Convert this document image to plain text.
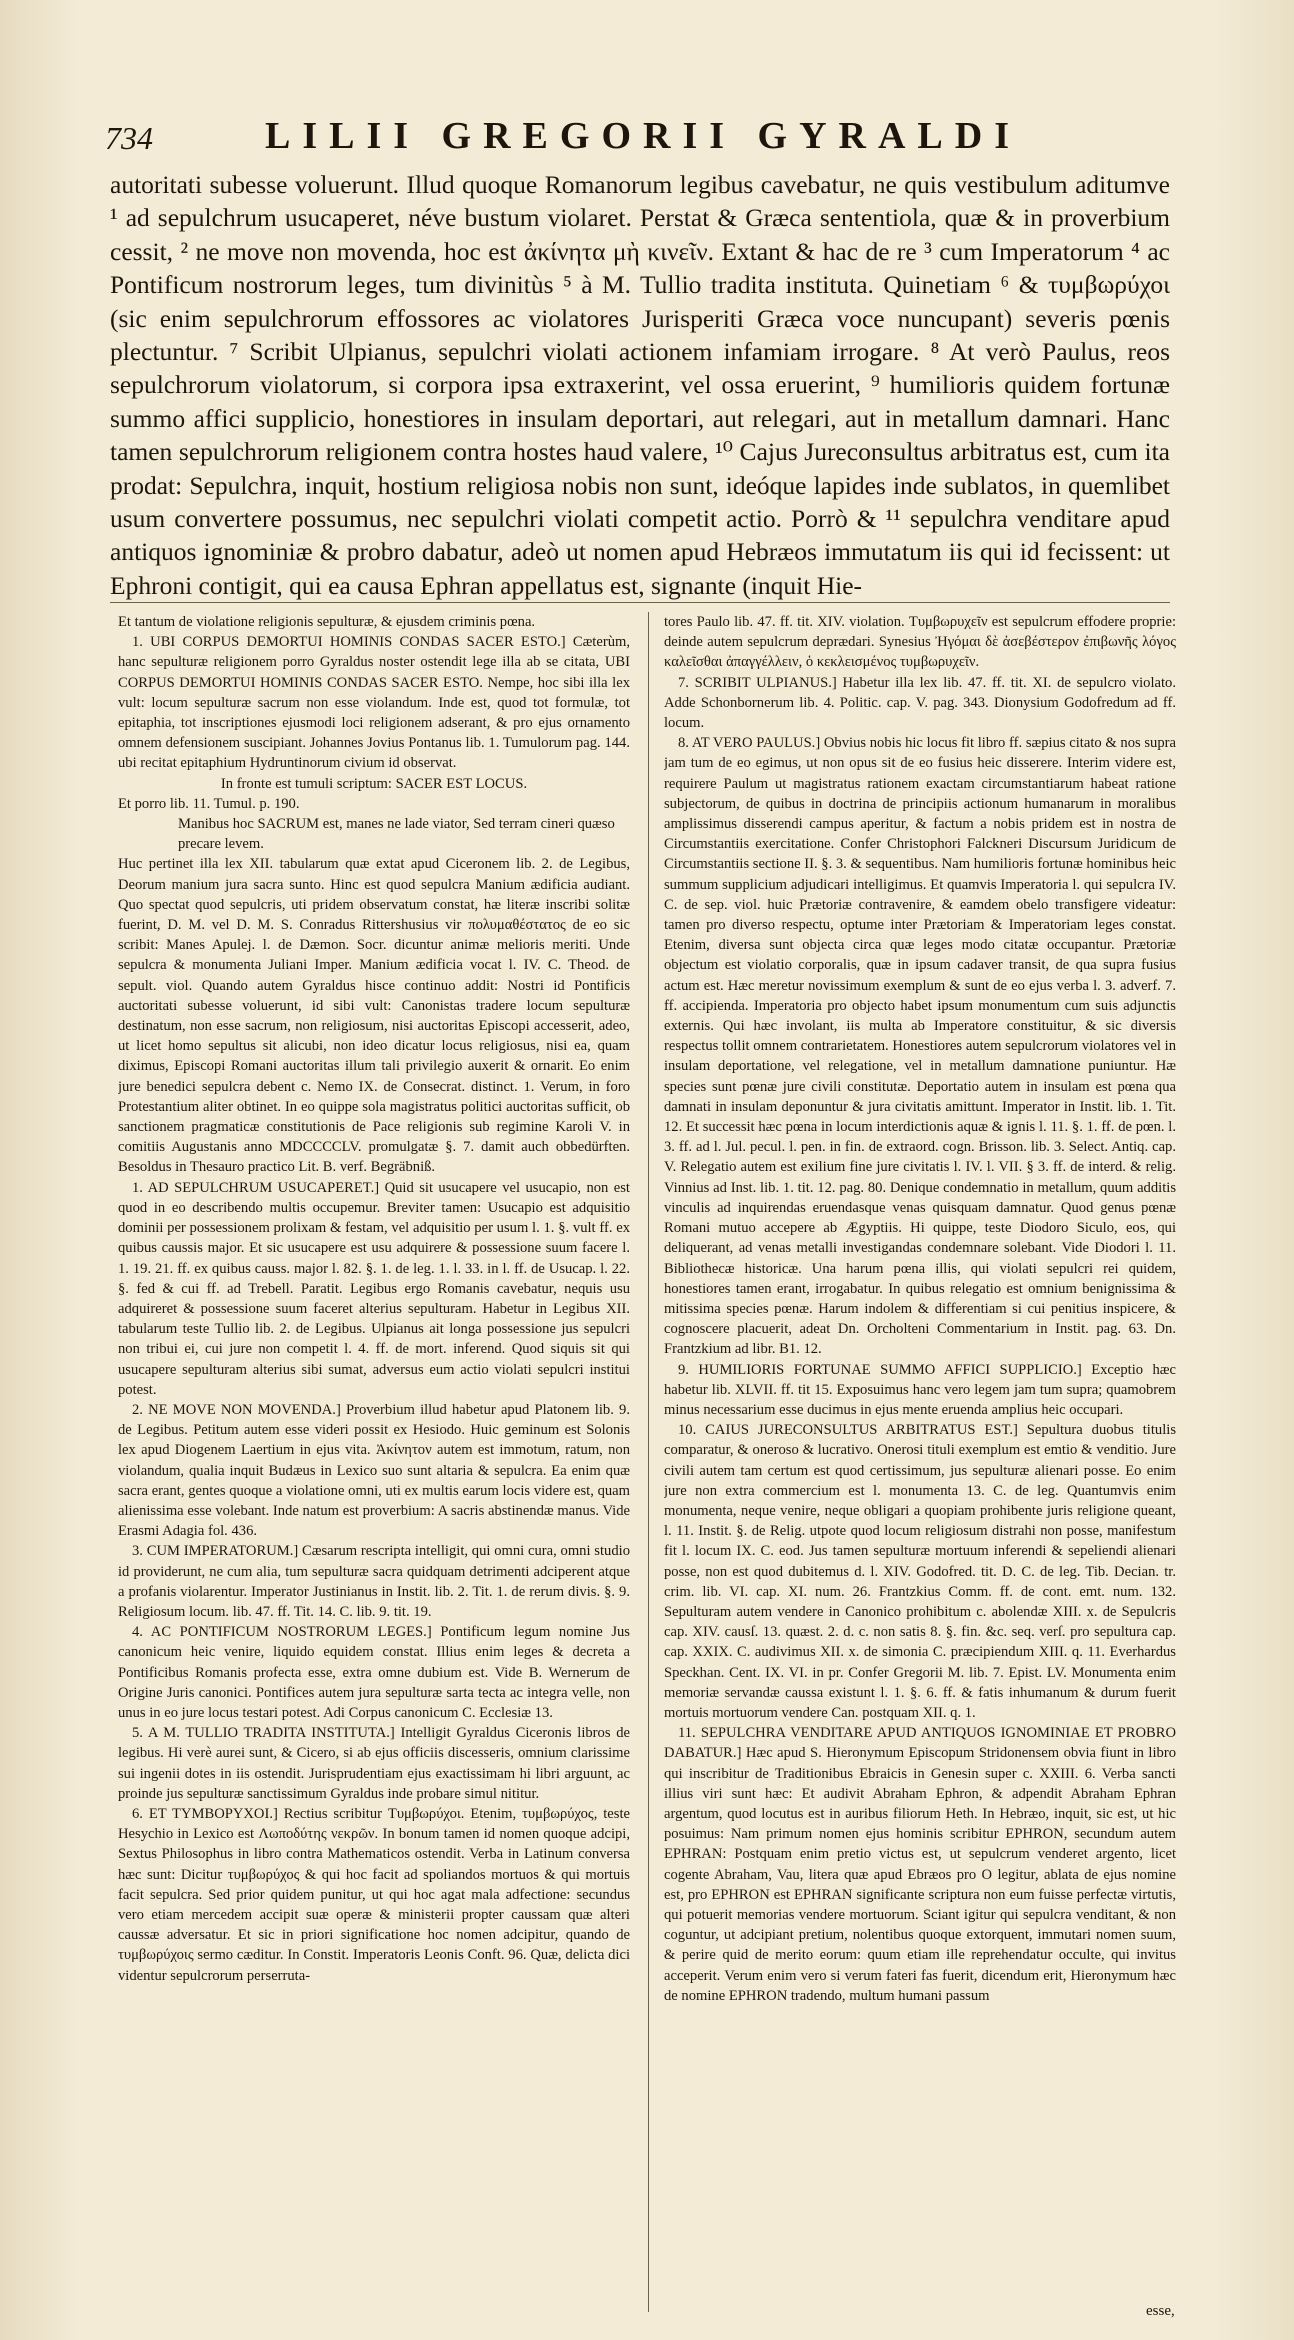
734	LILII GREGORII GYRALDI

autoritati subesse voluerunt. Illud quoque Romanorum legibus cavebatur, ne quis vestibulum aditumve ¹ ad sepulchrum usucaperet, néve bustum violaret. Perstat & Græca sententiola, quæ & in proverbium cessit, ² ne move non movenda, hoc est ἀκίνητα μὴ κινεῖν. Extant & hac de re ³ cum Imperatorum ⁴ ac Pontificum nostrorum leges, tum divinitùs ⁵ à M. Tullio tradita instituta. Quinetiam ⁶ & τυμβωρύχοι (sic enim sepulchrorum effossores ac violatores Jurisperiti Græca voce nuncupant) severis pœnis plectuntur. ⁷ Scribit Ulpianus, sepulchri violati actionem infamiam irrogare. ⁸ At verò Paulus, reos sepulchrorum violatorum, si corpora ipsa extraxerint, vel ossa eruerint, ⁹ humilioris quidem fortunæ summo affici supplicio, honestiores in insulam deportari, aut relegari, aut in metallum damnari. Hanc tamen sepulchrorum religionem contra hostes haud valere, ¹⁰ Cajus Jureconsultus arbitratus est, cum ita prodat: Sepulchra, inquit, hostium religiosa nobis non sunt, ideóque lapides inde sublatos, in quemlibet usum convertere possumus, nec sepulchri violati competit actio. Porrò & ¹¹ sepulchra venditare apud antiquos ignominiæ & probro dabatur, adeò ut nomen apud Hebræos immutatum iis qui id fecissent: ut Ephroni contigit, qui ea causa Ephran appellatus est, signante (inquit Hie-

Et tantum de violatione religionis sepulturæ, & ejusdem criminis pœna.

1. UBI CORPUS DEMORTUI HOMINIS CONDAS SACER ESTO.] Cæterùm, hanc sepulturæ religionem porro Gyraldus noster ostendit lege illa ab se citata, UBI CORPUS DEMORTUI HOMINIS CONDAS SACER ESTO. Nempe, hoc sibi illa lex vult: locum sepulturæ sacrum non esse violandum. Inde est, quod tot formulæ, tot epitaphia, tot inscriptiones ejusmodi loci religionem adserant, & pro ejus ornamento omnem defensionem suscipiant. Johannes Jovius Pontanus lib. 1. Tumulorum pag. 144. ubi recitat epitaphium Hydruntinorum civium id observat.

In fronte est tumuli scriptum: SACER EST LOCUS.

Et porro lib. 11. Tumul. p. 190.

Manibus hoc SACRUM est, manes ne lade viator, Sed terram cineri quæso precare levem.

Huc pertinet illa lex XII. tabularum quæ extat apud Ciceronem lib. 2. de Legibus, Deorum manium jura sacra sunto. Hinc est quod sepulcra Manium ædificia audiant. Quo spectat quod sepulcris, uti pridem observatum constat, hæ literæ inscribi solitæ fuerint, D. M. vel D. M. S. Conradus Rittershusius vir πολυμαθέστατος de eo sic scribit: Manes Apulej. l. de Dæmon. Socr. dicuntur animæ melioris meriti. Unde sepulcra & monumenta Juliani Imper. Manium ædificia vocat l. IV. C. Theod. de sepult. viol. Quando autem Gyraldus hisce continuo addit: Nostri id Pontificis auctoritati subesse voluerunt, id sibi vult: Canonistas tradere locum sepulturæ destinatum, non esse sacrum, non religiosum, nisi auctoritas Episcopi accesserit, adeo, ut licet homo sepultus sit alicubi, non ideo dicatur locus religiosus, nisi ea, quam diximus, Episcopi Romani auctoritas illum tali privilegio auxerit & ornarit. Eo enim jure benedici sepulcra debent c. Nemo IX. de Consecrat. distinct. 1. Verum, in foro Protestantium aliter obtinet. In eo quippe sola magistratus politici auctoritas sufficit, ob sanctionem pragmaticæ constitutionis de Pace religionis sub regimine Karoli V. in comitiis Augustanis anno MDCCCCLV. promulgatæ §. 7. damit auch obbedürften. Besoldus in Thesauro practico Lit. B. verf. Begräbniß.

1. AD SEPULCHRUM USUCAPERET.] Quid sit usucapere vel usucapio, non est quod in eo describendo multis occupemur. Breviter tamen: Usucapio est adquisitio dominii per possessionem prolixam & festam, vel adquisitio per usum l. 1. §. vult ff. ex quibus caussis major. Et sic usucapere est usu adquirere & possessione suum facere l. 1. 19. 21. ff. ex quibus causs. major l. 82. §. 1. de leg. 1. l. 33. in l. ff. de Usucap. l. 22. §. fed & cui ff. ad Trebell. Paratit. Legibus ergo Romanis cavebatur, nequis usu adquireret & possessione suum faceret alterius sepulturam. Habetur in Legibus XII. tabularum teste Tullio lib. 2. de Legibus. Ulpianus ait longa possessione jus sepulcri non tribui ei, cui jure non competit l. 4. ff. de mort. inferend. Quod siquis sit qui usucapere sepulturam alterius sibi sumat, adversus eum actio violati sepulcri institui potest.

2. NE MOVE NON MOVENDA.] Proverbium illud habetur apud Platonem lib. 9. de Legibus. Petitum autem esse videri possit ex Hesiodo. Huic geminum est Solonis lex apud Diogenem Laertium in ejus vita. Ἀκίνητον autem est immotum, ratum, non violandum, qualia inquit Budæus in Lexico suo sunt altaria & sepulcra. Ea enim quæ sacra erant, gentes quoque a violatione omni, uti ex multis earum locis videre est, quam alienissima esse volebant. Inde natum est proverbium: A sacris abstinendæ manus. Vide Erasmi Adagia fol. 436.

3. CUM IMPERATORUM.] Cæsarum rescripta intelligit, qui omni cura, omni studio id providerunt, ne cum alia, tum sepulturæ sacra quidquam detrimenti adciperent atque a profanis violarentur. Imperator Justinianus in Instit. lib. 2. Tit. 1. de rerum divis. §. 9. Religiosum locum. lib. 47. ff. Tit. 14. C. lib. 9. tit. 19.

4. AC PONTIFICUM NOSTRORUM LEGES.] Pontificum legum nomine Jus canonicum heic venire, liquido equidem constat. Illius enim leges & decreta a Pontificibus Romanis profecta esse, extra omne dubium est. Vide B. Wernerum de Origine Juris canonici. Pontifices autem jura sepulturæ sarta tecta ac integra velle, non unus in eo jure locus testari potest. Adi Corpus canonicum C. Ecclesiæ 13.

5. A M. TULLIO TRADITA INSTITUTA.] Intelligit Gyraldus Ciceronis libros de legibus. Hi verè aurei sunt, & Cicero, si ab ejus officiis discesseris, omnium clarissime sui ingenii dotes in iis ostendit. Jurisprudentiam ejus exactissimam hi libri arguunt, ac proinde jus sepulturæ sanctissimum Gyraldus inde probare simul nititur.

6. ET TYMBOPYXOI.] Rectius scribitur Τυμβωρύχοι. Etenim, τυμβωρύχος, teste Hesychio in Lexico est Λωποδύτης νεκρῶν. In bonum tamen id nomen quoque adcipi, Sextus Philosophus in libro contra Mathematicos ostendit. Verba in Latinum conversa hæc sunt: Dicitur τυμβωρύχος & qui hoc facit ad spoliandos mortuos & qui mortuis facit sepulcra. Sed prior quidem punitur, ut qui hoc agat mala adfectione: secundus vero etiam mercedem accipit suæ operæ & ministerii propter caussam quæ alteri caussæ adversatur. Et sic in priori significatione hoc nomen adcipitur, quando de τυμβωρύχοις sermo cæditur. In Constit. Imperatoris Leonis Conft. 96. Quæ, delicta dici videntur sepulcrorum perserruta-

tores Paulo lib. 47. ff. tit. XIV. violation. Τυμβωρυχεῖν est sepulcrum effodere proprie: deinde autem sepulcrum deprædari. Synesius Ἠγόμαι δὲ ἀσεβέστερον ἐπιβωνῆς λόγος καλεῖσθαι ἀπαγγέλλειν, ὁ κεκλεισμένος τυμβωρυχεῖν.

7. SCRIBIT ULPIANUS.] Habetur illa lex lib. 47. ff. tit. XI. de sepulcro violato. Adde Schonbornerum lib. 4. Politic. cap. V. pag. 343. Dionysium Godofredum ad ff. locum.

8. AT VERO PAULUS.] Obvius nobis hic locus fit libro ff. sæpius citato & nos supra jam tum de eo egimus, ut non opus sit de eo fusius heic disserere. Interim videre est, requirere Paulum ut magistratus rationem exactam circumstantiarum habeat ratione subjectorum, de quibus in doctrina de principiis actionum humanarum in moralibus amplissimus disserendi campus aperitur, & factum a nobis pridem est in nostra de Circumstantiis exercitatione. Confer Christophori Falckneri Discursum Juridicum de Circumstantiis sectione II. §. 3. & sequentibus. Nam humilioris fortunæ hominibus heic summum supplicium adjudicari intelligimus. Et quamvis Imperatoria l. qui sepulcra IV. C. de sep. viol. huic Prætoriæ contravenire, & eamdem obelo transfigere videatur: tamen pro diverso respectu, optume inter Prætoriam & Imperatoriam leges constat. Etenim, diversa sunt objecta circa quæ leges modo citatæ occupantur. Prætoriæ objectum est violatio corporalis, quæ in ipsum cadaver transit, de qua supra fusius actum est. Hæc meretur novissimum exemplum & sunt de eo ejus verba l. 3. adverf. 7. ff. accipienda. Imperatoria pro objecto habet ipsum monumentum cum suis adjunctis externis. Qui hæc involant, iis multa ab Imperatore constituitur, & sic diversis respectus tollit omnem contrarietatem. Honestiores autem sepulcrorum violatores vel in insulam deportatione, vel relegatione, vel in metallum damnatione puniuntur. Hæ species sunt pœnæ jure civili constitutæ. Deportatio autem in insulam est pœna qua damnati in insulam deponuntur & jura civitatis amittunt. Imperator in Instit. lib. 1. Tit. 12. Et successit hæc pœna in locum interdictionis aquæ & ignis l. 11. §. 1. ff. de pœn. l. 3. ff. ad l. Jul. pecul. l. pen. in fin. de extraord. cogn. Brisson. lib. 3. Select. Antiq. cap. V. Relegatio autem est exilium fine jure civitatis l. IV. l. VII. § 3. ff. de interd. & relig. Vinnius ad Inst. lib. 1. tit. 12. pag. 80. Denique condemnatio in metallum, quum additis vinculis ad inquirendas eruendasque venas quisquam damnatur. Quod genus pœnæ Romani mutuo accepere ab Ægyptiis. Hi quippe, teste Diodoro Siculo, eos, qui deliquerant, ad venas metalli investigandas condemnare solebant. Vide Diodori l. 11. Bibliothecæ historicæ. Una harum pœna illis, qui violati sepulcri rei quidem, honestiores tamen erant, irrogabatur. In quibus relegatio est omnium benignissima & mitissima species pœnæ. Harum indolem & differentiam si cui penitius inspicere, & cognoscere placuerit, adeat Dn. Orcholteni Commentarium in Instit. pag. 63. Dn. Frantzkium ad libr. B1. 12.

9. HUMILIORIS FORTUNAE SUMMO AFFICI SUPPLICIO.] Exceptio hæc habetur lib. XLVII. ff. tit 15. Exposuimus hanc vero legem jam tum supra; quamobrem minus necessarium esse ducimus in ejus mente eruenda amplius heic occupari.

10. CAIUS JURECONSULTUS ARBITRATUS EST.] Sepultura duobus titulis comparatur, & onerosо & lucrativo. Onerosi tituli exemplum est emtio & venditio. Jure civili autem tam certum est quod certissimum, jus sepulturæ alienari posse. Eo enim jure non extra commercium est l. monumenta 13. C. de leg. Quantumvis enim monumenta, neque venire, neque obligari a quopiam prohibente juris religione queant, l. 11. Instit. §. de Relig. utpote quod locum religiosum distrahi non posse, manifestum fit l. locum IX. C. eod. Jus tamen sepulturæ mortuum inferendi & sepeliendi alienari posse, non est quod dubitemus d. l. XIV. Godofred. tit. D. C. de leg. Tib. Decian. tr. crim. lib. VI. cap. XI. num. 26. Frantzkius Comm. ff. de cont. emt. num. 132. Sepulturam autem vendere in Canonico prohibitum c. abolendæ XIII. x. de Sepulcris cap. XIV. causſ. 13. quæst. 2. d. c. non satis 8. §. fin. &c. seq. verſ. pro sepultura cap. cap. XXIX. C. audivimus XII. x. de simonia C. præcipiendum XIII. q. 11. Everhardus Speckhan. Cent. IX. VI. in pr. Confer Gregorii M. lib. 7. Epist. LV. Monumenta enim memoriæ servandæ caussa existunt l. 1. §. 6. ff. & fatis inhumanum & durum fuerit mortuis mortuorum vendere Can. postquam XII. q. 1.

11. SEPULCHRA VENDITARE APUD ANTIQUOS IGNOMINIAE ET PROBRO DABATUR.] Hæc apud S. Hieronymum Episcopum Stridonensem obvia fiunt in libro qui inscribitur de Traditionibus Ebraicis in Genesin super c. XXIII. 6. Verba sancti illius viri sunt hæc: Et audivit Abraham Ephron, & adpendit Abraham Ephran argentum, quod locutus est in auribus filiorum Heth. In Hebræo, inquit, sic est, ut hic posuimus: Nam primum nomen ejus hominis scribitur EPHRON, secundum autem EPHRAN: Postquam enim pretio victus est, ut sepulcrum venderet argento, licet cogente Abraham, Vau, litera quæ apud Ebræos pro O legitur, ablata de ejus nomine est, pro EPHRON est EPHRAN significante scriptura non eum fuisse perfectæ virtutis, qui potuerit memorias vendere mortuorum. Sciant igitur qui sepulcra venditant, & non coguntur, ut adcipiant pretium, nolentibus quoque extorquent, immutari nomen suum, & perire quid de merito eorum: quum etiam ille reprehendatur occulte, qui invitus acceperit. Verum enim vero si verum fateri fas fuerit, dicendum erit, Hieronymum hæc de nomine EPHRON tradendo, multum humani passum

esse,
